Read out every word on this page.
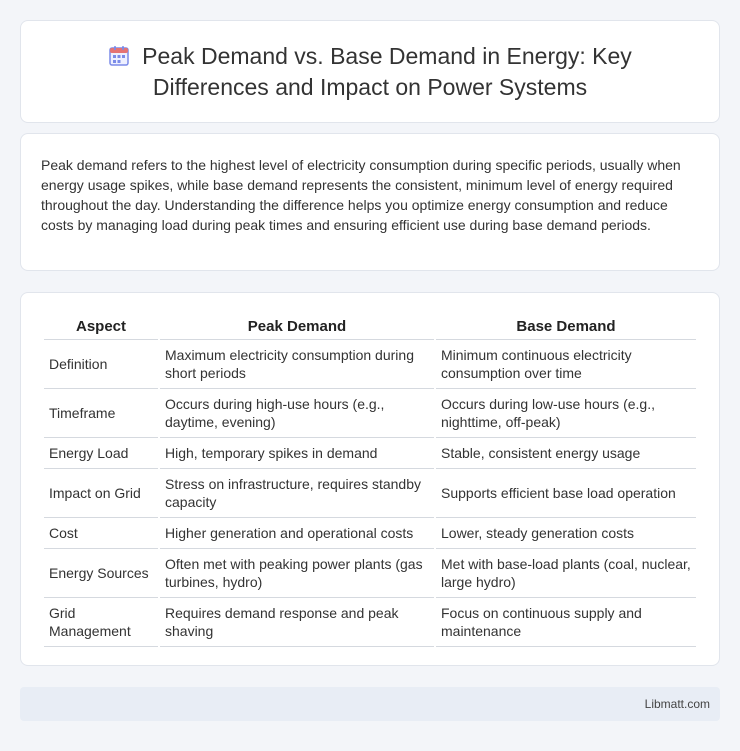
Peak Demand vs. Base Demand in Energy: Key Differences and Impact on Power Systems

Peak demand refers to the highest level of electricity consumption during specific periods, usually when energy usage spikes, while base demand represents the consistent, minimum level of energy required throughout the day. Understanding the difference helps you optimize energy consumption and reduce costs by managing load during peak times and ensuring efficient use during base demand periods.

Aspect	Peak Demand	Base Demand
Definition	Maximum electricity consumption during short periods	Minimum continuous electricity consumption over time
Timeframe	Occurs during high-use hours (e.g., daytime, evening)	Occurs during low-use hours (e.g., nighttime, off-peak)
Energy Load	High, temporary spikes in demand	Stable, consistent energy usage
Impact on Grid	Stress on infrastructure, requires standby capacity	Supports efficient base load operation
Cost	Higher generation and operational costs	Lower, steady generation costs
Energy Sources	Often met with peaking power plants (gas turbines, hydro)	Met with base-load plants (coal, nuclear, large hydro)
Grid Management	Requires demand response and peak shaving	Focus on continuous supply and maintenance
Libmatt.com
